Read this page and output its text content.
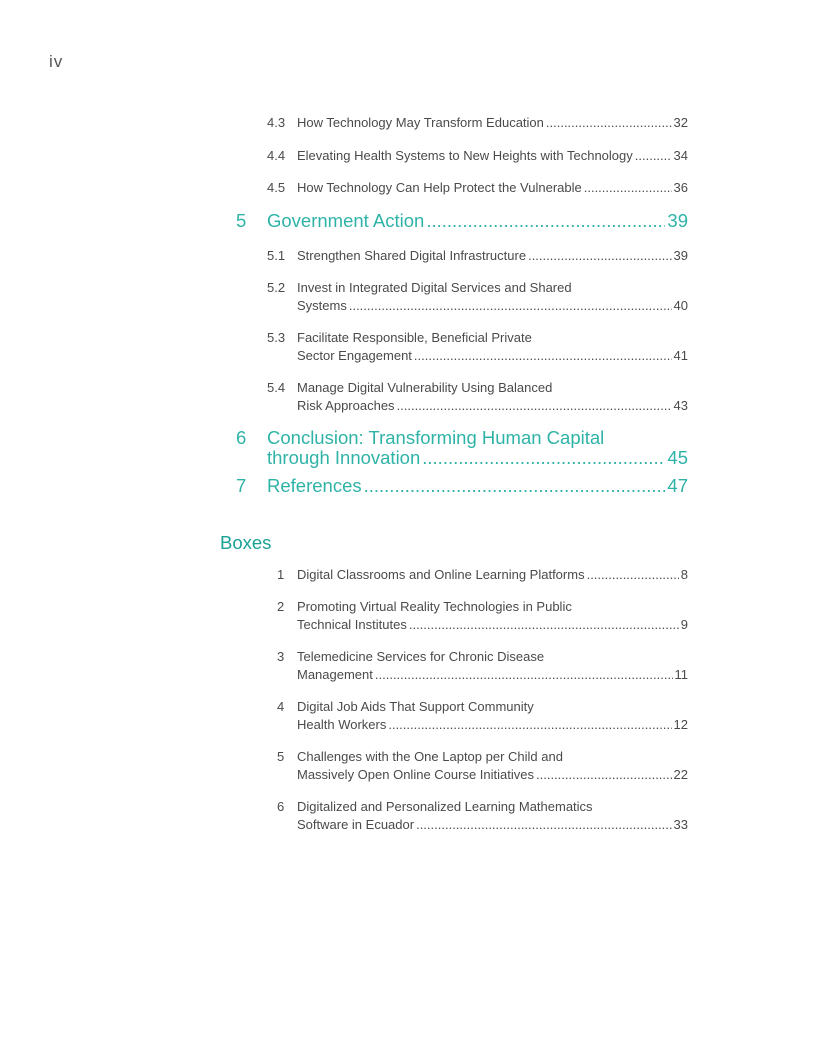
iv
4.3 How Technology May Transform Education .....	32
4.4 Elevating Health Systems to New Heights with Technology .....	34
4.5 How Technology Can Help Protect the Vulnerable .....	36
5	Government Action .....	39
5.1 Strengthen Shared Digital Infrastructure .....	39
5.2 Invest in Integrated Digital Services and Shared
Systems .....	40
5.3 Facilitate Responsible, Beneficial Private
Sector Engagement .....	41
5.4 Manage Digital Vulnerability Using Balanced
Risk Approaches .....	43
6	Conclusion: Transforming Human Capital
through Innovation .....	45
7	References .....	47
Boxes
1 Digital Classrooms and Online Learning Platforms .....	8
2 Promoting Virtual Reality Technologies in Public
Technical Institutes .....	9
3 Telemedicine Services for Chronic Disease
Management .....	11
4 Digital Job Aids That Support Community
Health Workers .....	12
5 Challenges with the One Laptop per Child and
Massively Open Online Course Initiatives .....	22
6 Digitalized and Personalized Learning Mathematics
Software in Ecuador .....	33
